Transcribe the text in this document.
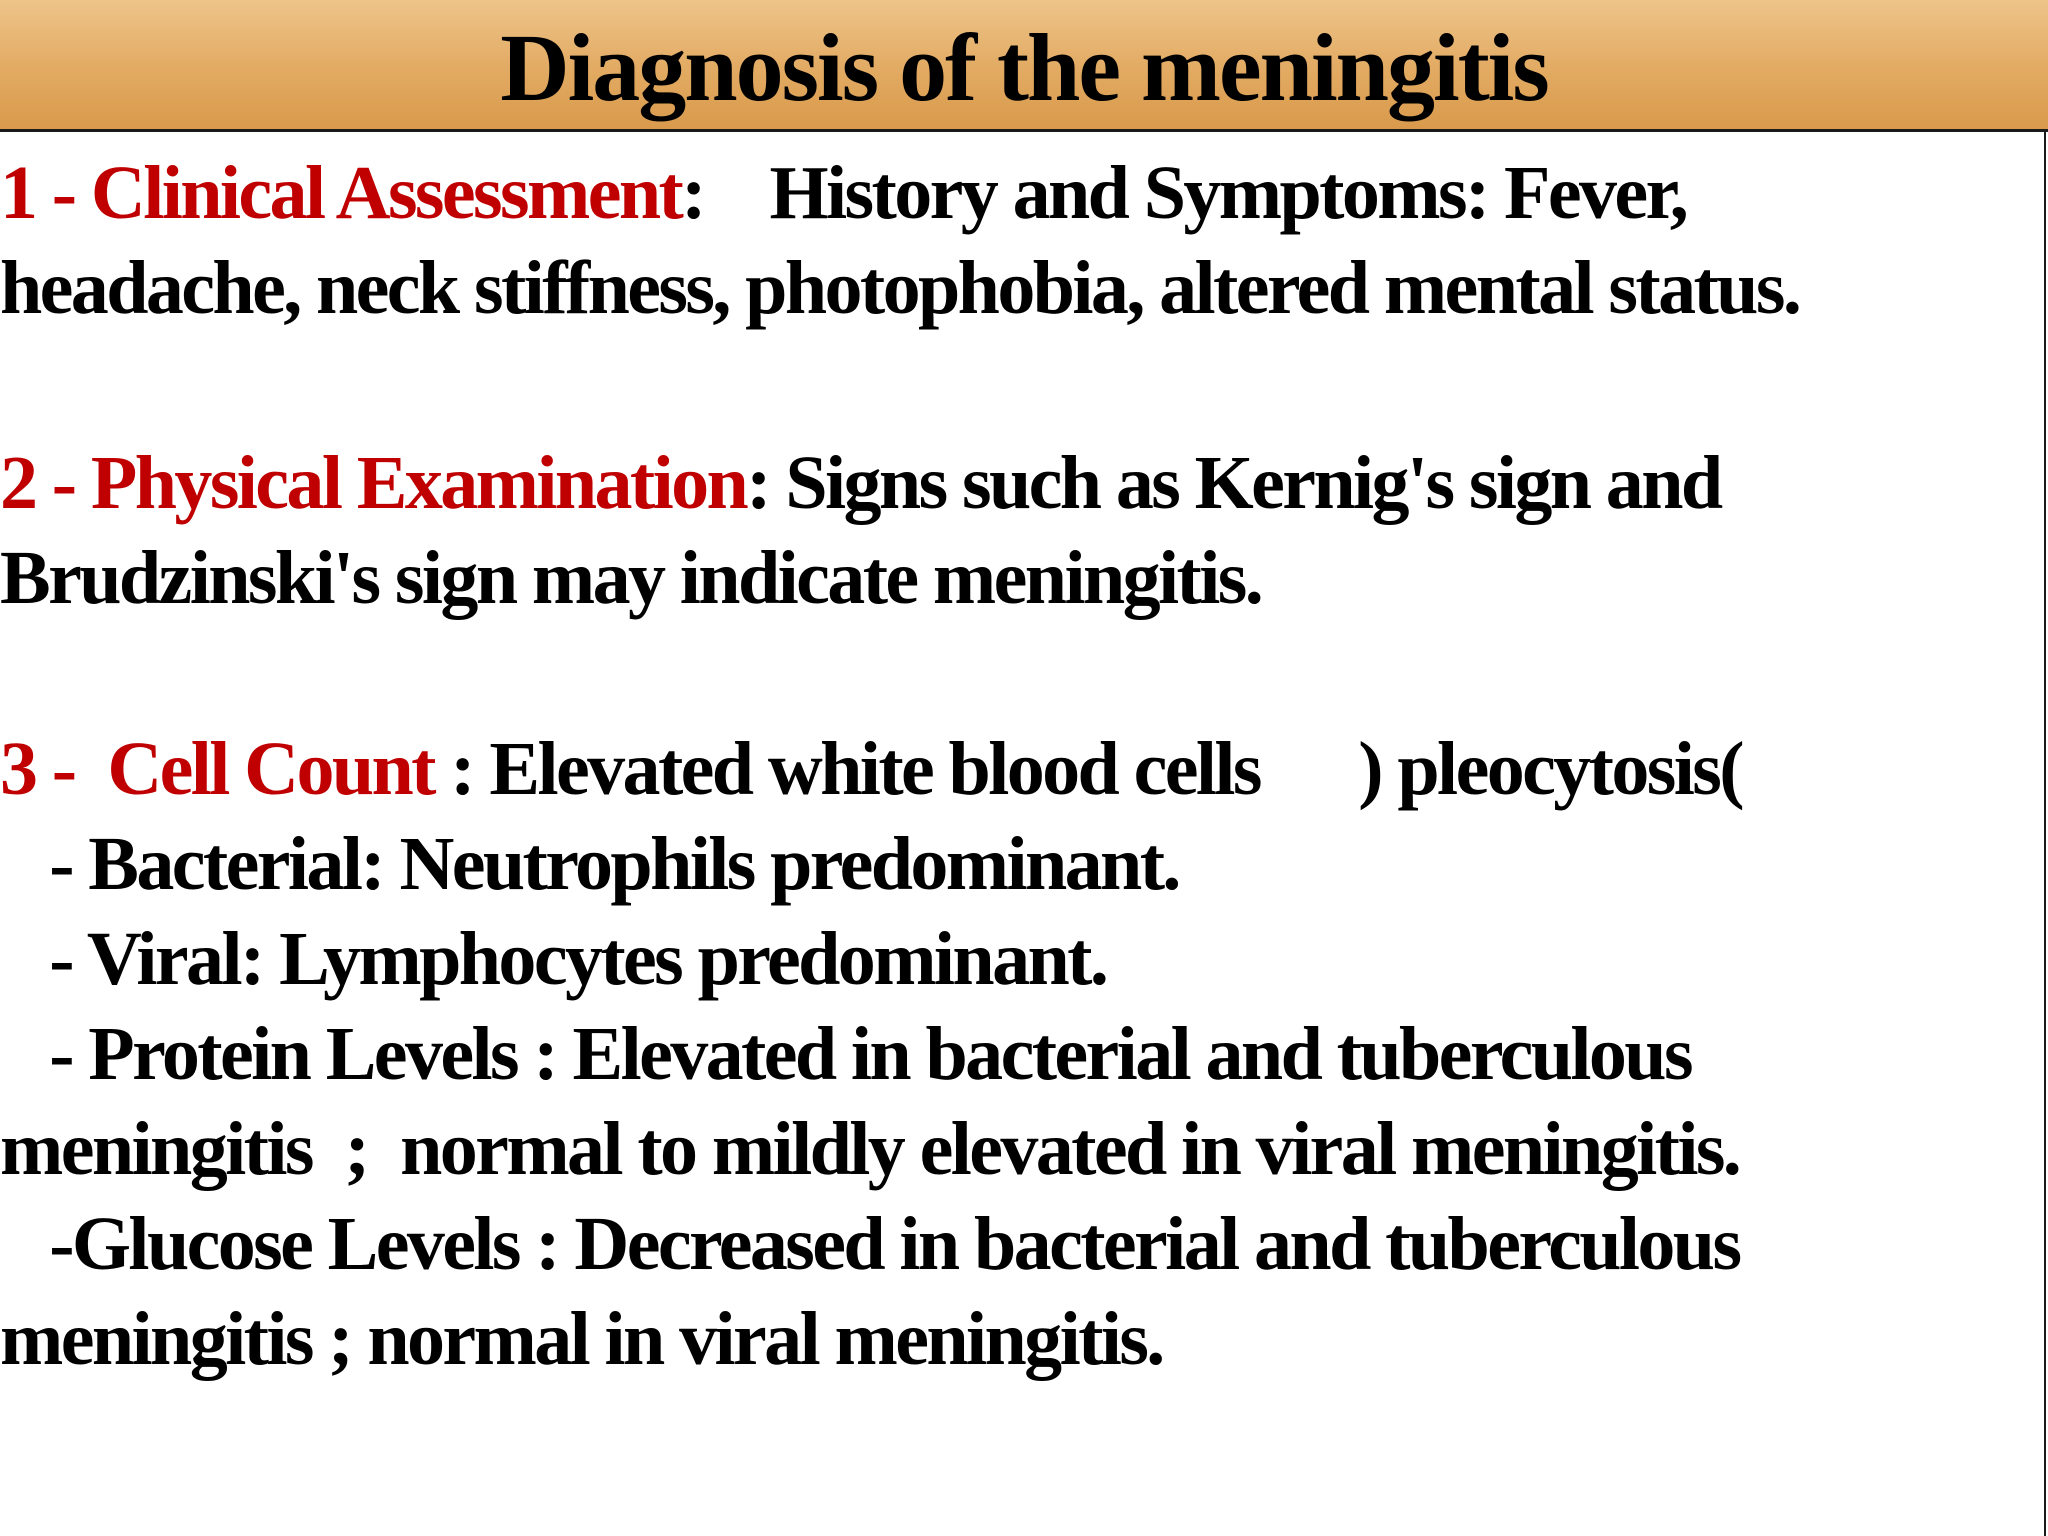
Diagnosis of the meningitis
1 - Clinical Assessment:    History and Symptoms: Fever,
headache, neck stiffness, photophobia, altered mental status.
2 - Physical Examination: Signs such as Kernig's sign and
Brudzinski's sign may indicate meningitis.
3 -  Cell Count : Elevated white blood cells      ) pleocytosis(
- Bacterial: Neutrophils predominant.
- Viral: Lymphocytes predominant.
- Protein Levels : Elevated in bacterial and tuberculous
meningitis  ;  normal to mildly elevated in viral meningitis.
-Glucose Levels : Decreased in bacterial and tuberculous
meningitis ; normal in viral meningitis.
